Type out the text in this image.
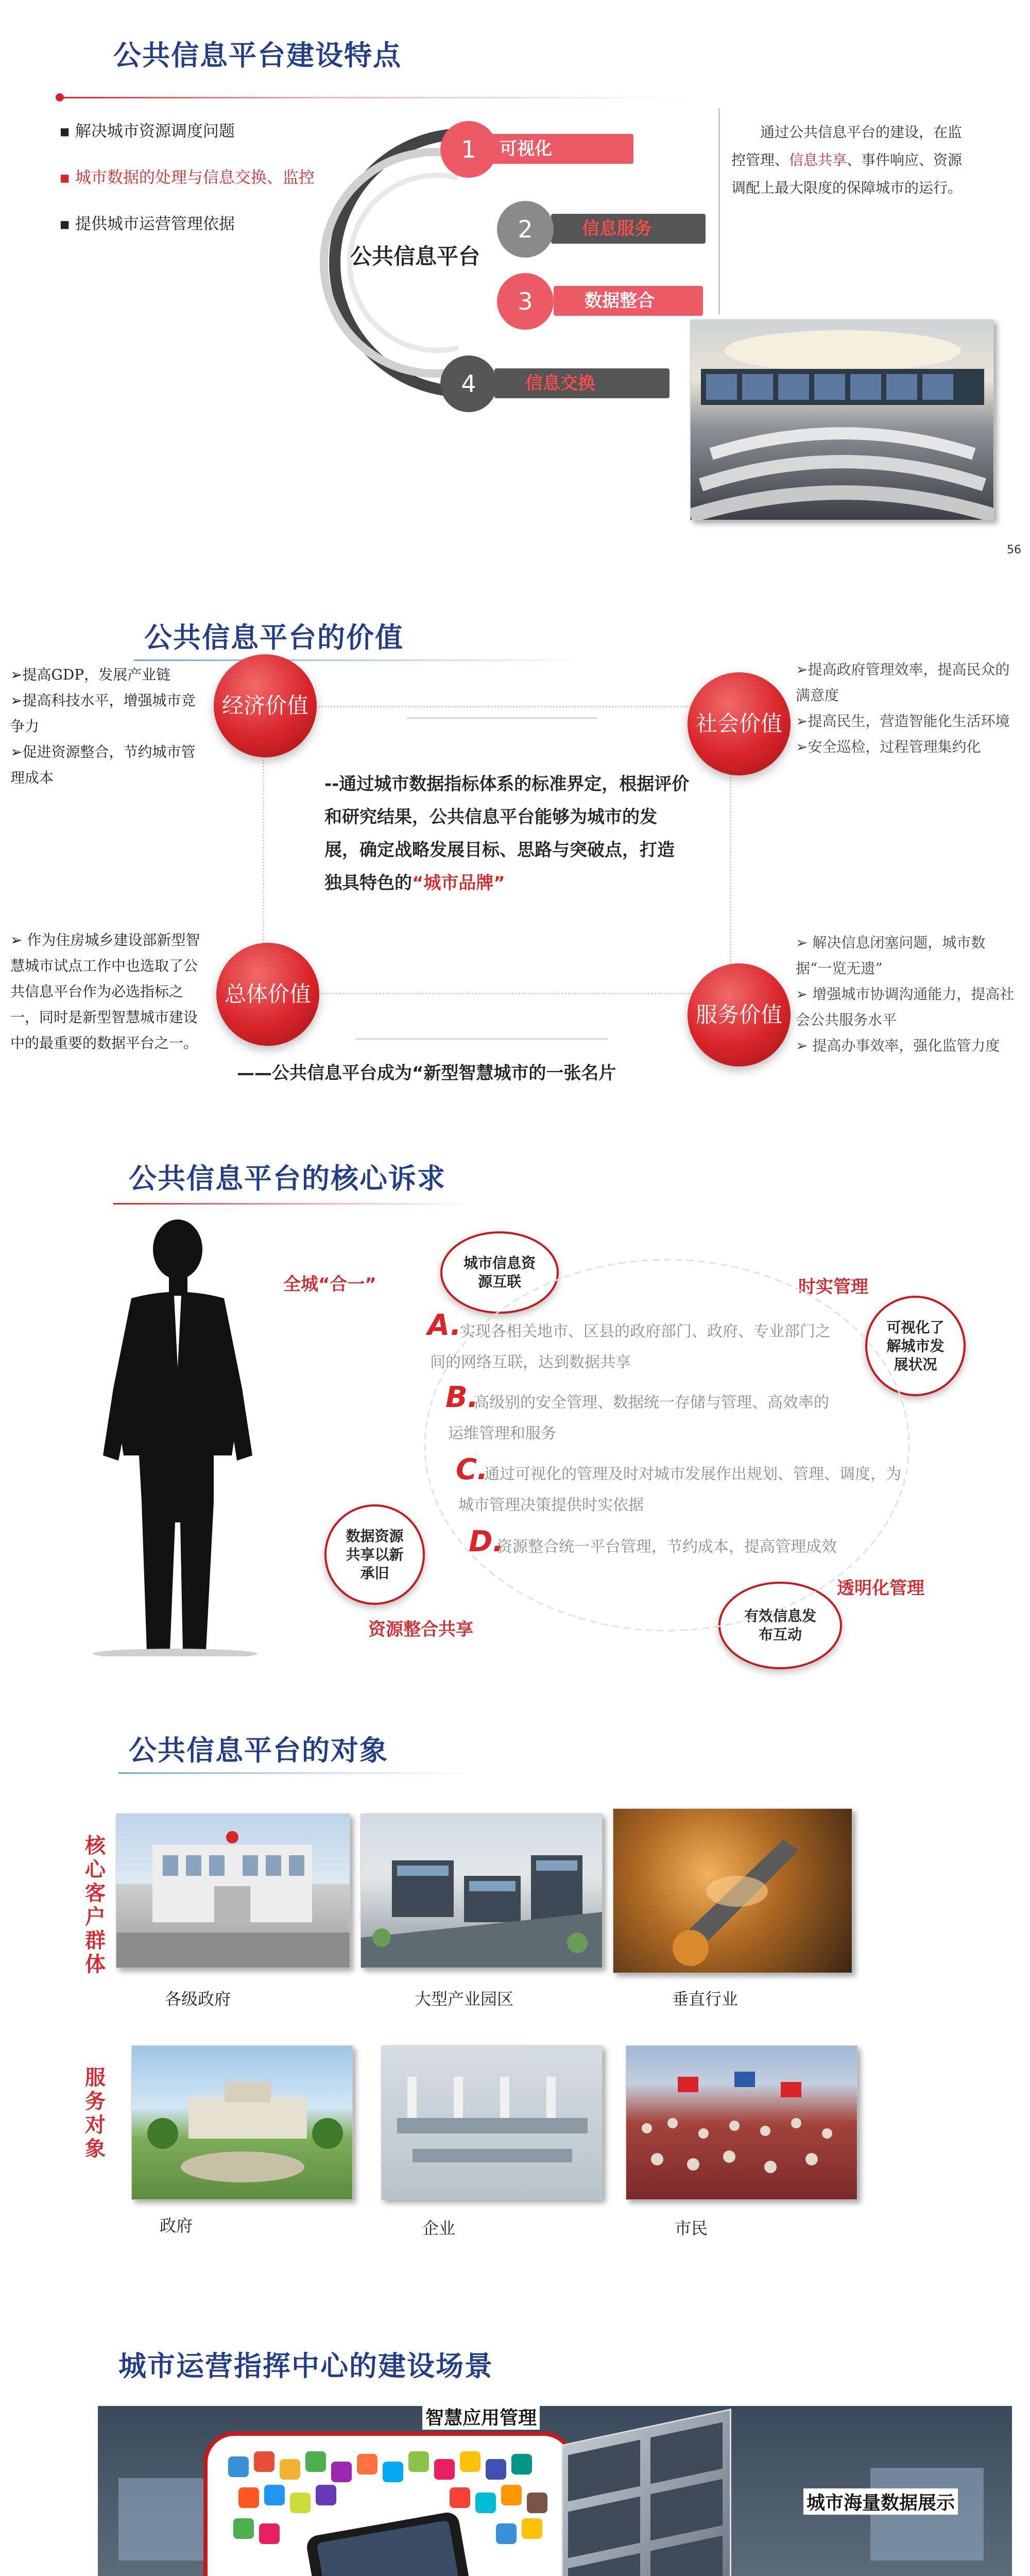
公共信息平台建设特点
▪ 解决城市资源调度问题
▪ 城市数据的处理与信息交换、监控
▪ 提供城市运营管理依据
公共信息平台
可视化
1
信息服务
2
数据整合
3
信息交换
4
通过公共信息平台的建设，在监控管理、信息共享、事件响应、资源调配上最大限度的保障城市的运行。
56
公共信息平台的价值
经济价值
社会价值
总体价值
服务价值
➢提高GDP，发展产业链
➢提高科技水平，增强城市竞争力
➢促进资源整合，节约城市管理成本
➢提高政府管理效率，提高民众的满意度
➢提高民生，营造智能化生活环境
➢安全巡检，过程管理集约化
➢ 作为住房城乡建设部新型智慧城市试点工作中也选取了公共信息平台作为必选指标之一，同时是新型智慧城市建设中的最重要的数据平台之一。
➢ 解决信息闭塞问题，城市数据“一览无遗”
➢ 增强城市协调沟通能力，提高社会公共服务水平
➢ 提高办事效率，强化监管力度
--通过城市数据指标体系的标准界定，根据评价和研究结果，公共信息平台能够为城市的发展，确定战略发展目标、思路与突破点，打造独具特色的“城市品牌”
——公共信息平台成为“新型智慧城市的一张名片
公共信息平台的核心诉求
全城“合一”	时实管理
透明化管理
资源整合共享
城市信息资源互联
可视化了解城市发展状况
数据资源共享以新承旧
有效信息发布互动
A.
实现各相关地市、区县的政府部门、政府、专业部门之间的网络互联，达到数据共享
B.
高级别的安全管理、数据统一存储与管理、高效率的运维管理和服务
C.
通过可视化的管理及时对城市发展作出规划、管理、调度，为城市管理决策提供时实依据
D.
资源整合统一平台管理，节约成本，提高管理成效
公共信息平台的对象
核心客户群体
服务对象
各级政府	大型产业园区	垂直行业
政府	企业	市民
城市运营指挥中心的建设场景
智慧应用管理
城市海量数据展示
